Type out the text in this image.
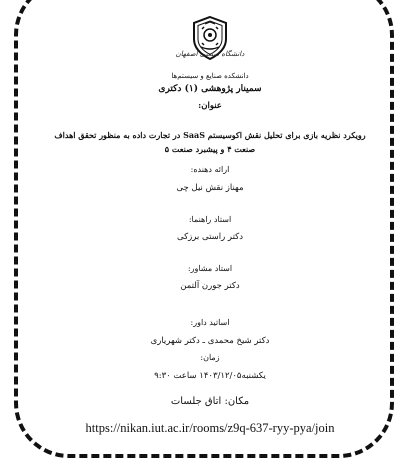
دانشگاه صنعتی اصفهان
دانشکده صنایع و سیستم‌ها
سمینار پژوهشی (۱) دکتری
عنوان:
رویکرد نظریه بازی برای تحلیل نقش اکوسیستم SaaS در تجارت داده به منظور تحقق اهداف
صنعت ۴ و پیشبرد صنعت ۵
ارائه دهنده:
مهناز نقش نیل چی
استاد راهنما:
دکتر راستی برزکی
استاد مشاور:
دکتر جورن آلتمن
اساتید داور:
دکتر شیخ محمدی ـ دکتر شهریاری
زمان:
یکشنبه۱۴۰۳/۱۲/۰۵ ساعت ۹:۳۰
مکان: اتاق جلسات
https://nikan.iut.ac.ir/rooms/z9q-637-ryy-pya/join
